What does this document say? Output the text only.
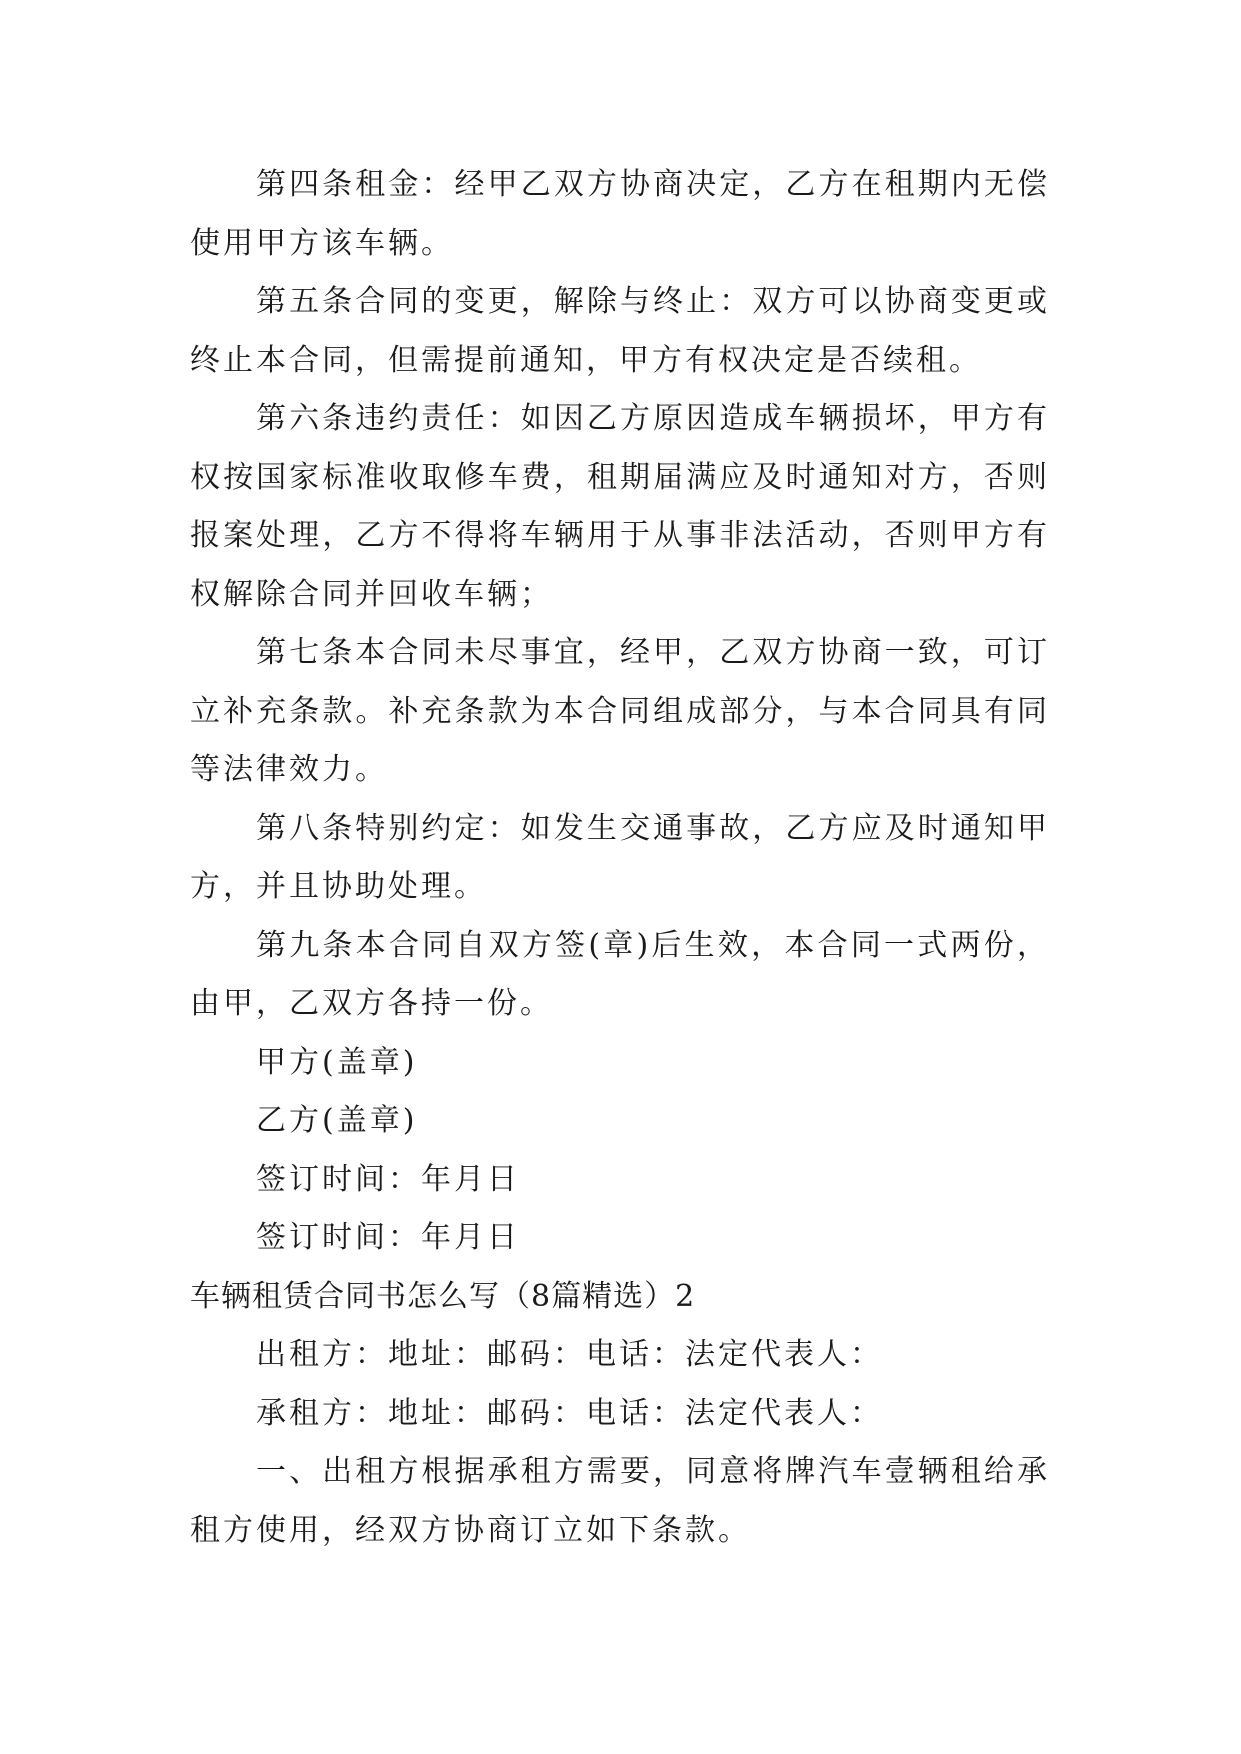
第四条租金：经甲乙双方协商决定，乙方在租期内无偿使用甲方该车辆。

第五条合同的变更，解除与终止：双方可以协商变更或终止本合同，但需提前通知，甲方有权决定是否续租。

第六条违约责任：如因乙方原因造成车辆损坏，甲方有权按国家标准收取修车费，租期届满应及时通知对方，否则报案处理，乙方不得将车辆用于从事非法活动，否则甲方有权解除合同并回收车辆；

第七条本合同未尽事宜，经甲，乙双方协商一致，可订立补充条款。补充条款为本合同组成部分，与本合同具有同等法律效力。

第八条特别约定：如发生交通事故，乙方应及时通知甲方，并且协助处理。

第九条本合同自双方签(章)后生效，本合同一式两份，由甲，乙双方各持一份。

甲方(盖章)

乙方(盖章)

签订时间：年月日

签订时间：年月日

车辆租赁合同书怎么写（8篇精选）2

出租方：地址：邮码：电话：法定代表人：

承租方：地址：邮码：电话：法定代表人：

一、出租方根据承租方需要，同意将牌汽车壹辆租给承租方使用，经双方协商订立如下条款。
